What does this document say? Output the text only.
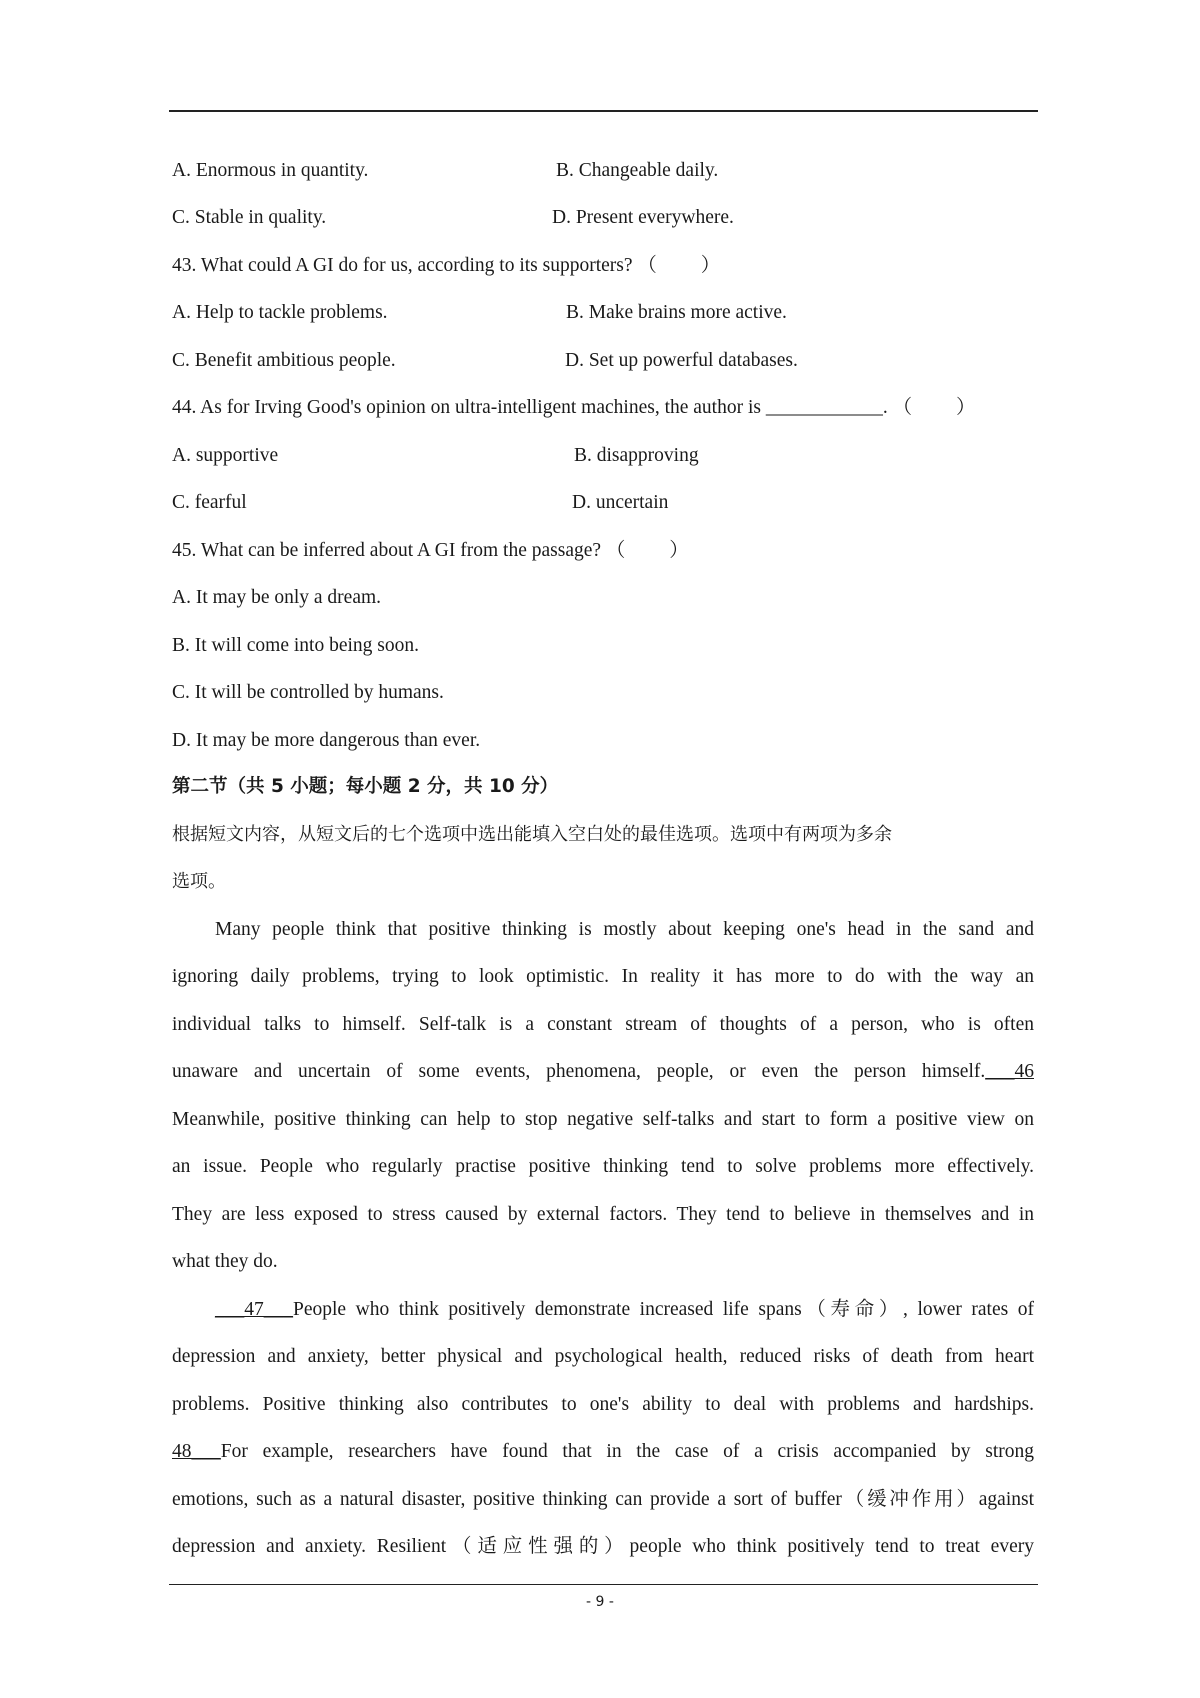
A. Enormous in quantity.	B. Changeable daily.
C. Stable in quality.	D. Present everywhere.
43. What could A GI do for us, according to its supporters? （ 　　）
A. Help to tackle problems.	B. Make brains more active.
C. Benefit ambitious people.	D. Set up powerful databases.
44. As for Irving Good's opinion on ultra-intelligent machines, the author is ____________. （ 　　）
A. supportive	B. disapproving
C. fearful	D. uncertain
45. What can be inferred about A GI from the passage? （ 　　）
A. It may be only a dream.
B. It will come into being soon.
C. It will be controlled by humans.
D. It may be more dangerous than ever.
第二节（共 5 小题；每小题 2 分，共 10 分）
根据短文内容，从短文后的七个选项中选出能填入空白处的最佳选项。选项中有两项为多余
选项。
Many people think that positive thinking is mostly about keeping one's head in the sand and
ignoring daily problems, trying to look optimistic. In reality it has more to do with the way an
individual talks to himself. Self-talk is a constant stream of thoughts of a person, who is often
unaware and uncertain of some events, phenomena, people, or even the person himself.___46
Meanwhile, positive thinking can help to stop negative self-talks and start to form a positive view on
an issue. People who regularly practise positive thinking tend to solve problems more effectively.
They are less exposed to stress caused by external factors. They tend to believe in themselves and in
what they do.
___47___People who think positively demonstrate increased life spans（寿命）, lower rates of
depression and anxiety, better physical and psychological health, reduced risks of death from heart
problems. Positive thinking also contributes to one's ability to deal with problems and hardships.
48___For example, researchers have found that in the case of a crisis accompanied by strong
emotions, such as a natural disaster, positive thinking can provide a sort of buffer（缓冲作用）against
depression and anxiety. Resilient（适应性强的）people who think positively tend to treat every
- 9 -
